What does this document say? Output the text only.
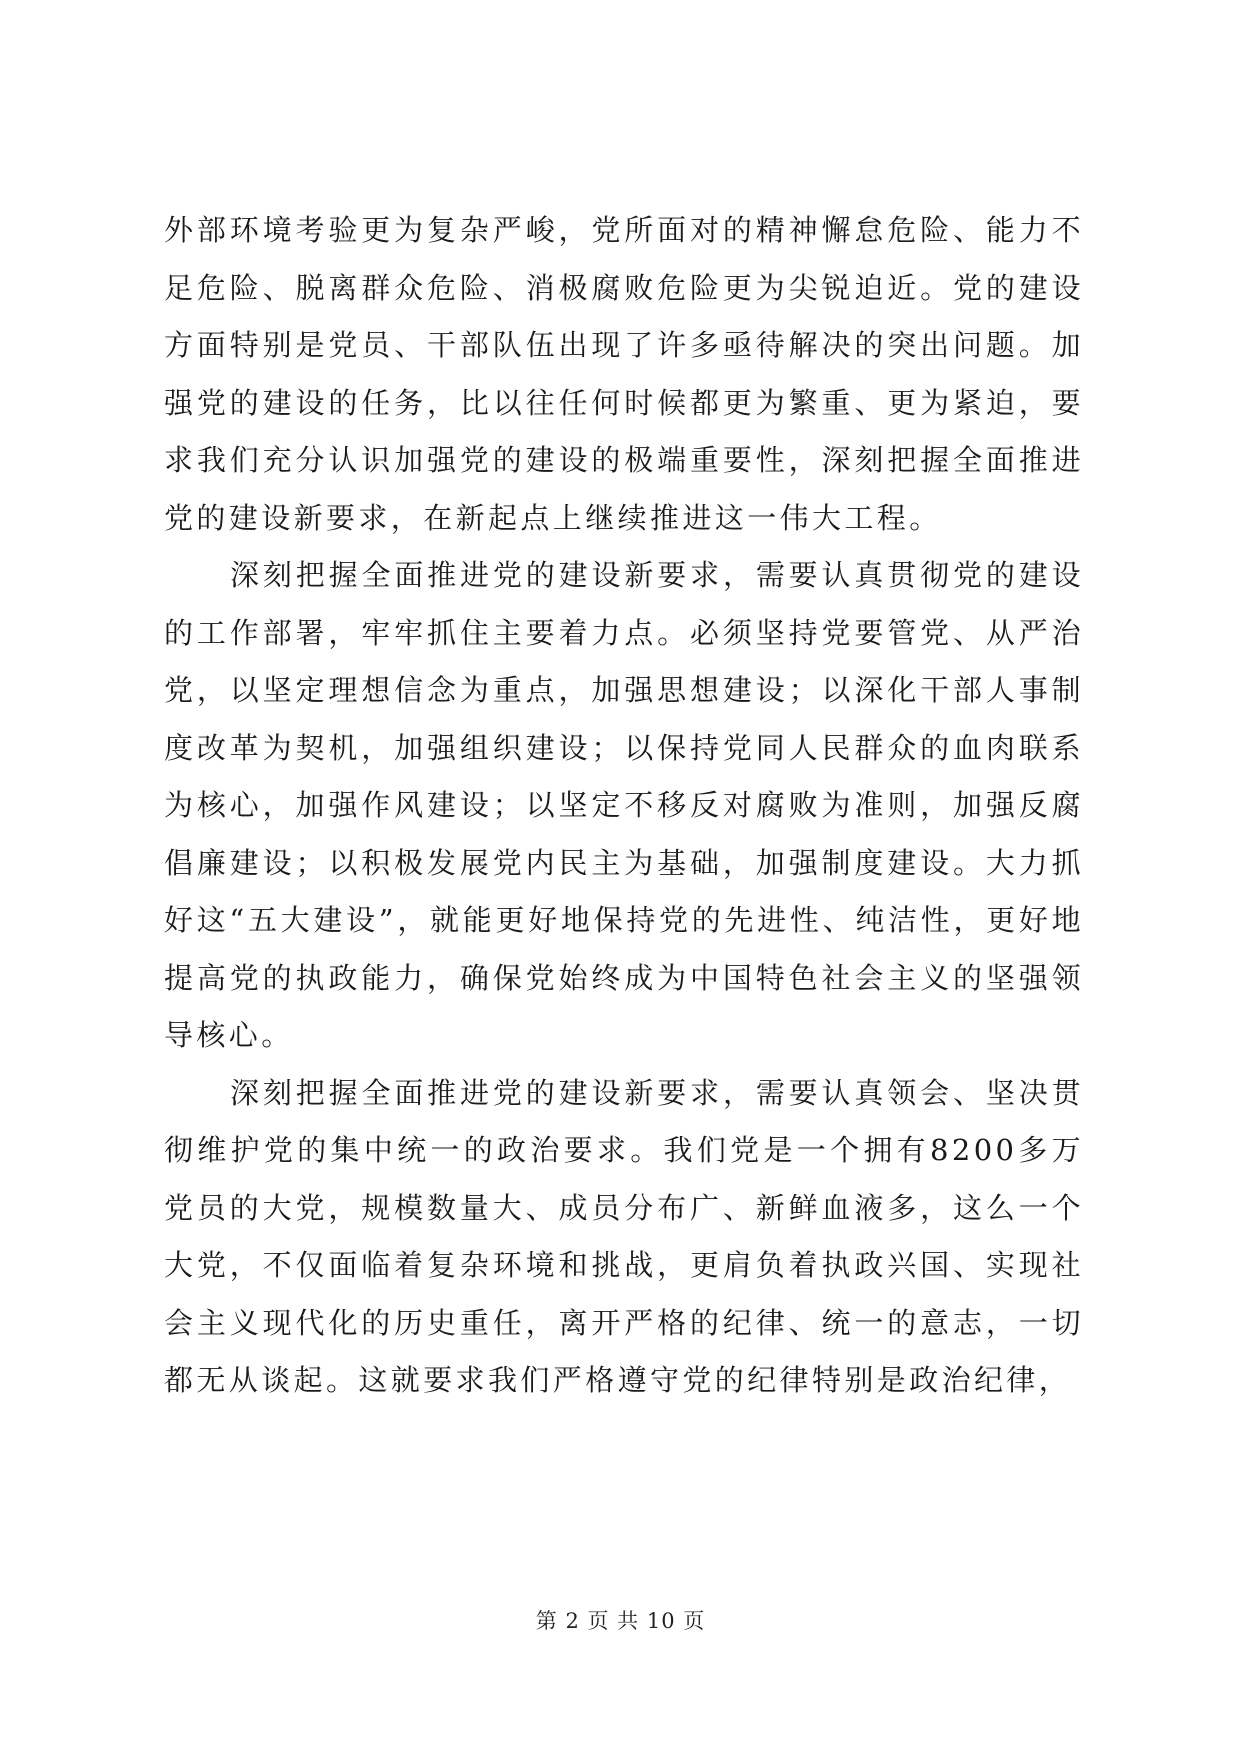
外部环境考验更为复杂严峻，党所面对的精神懈怠危险、能力不足危险、脱离群众危险、消极腐败危险更为尖锐迫近。党的建设方面特别是党员、干部队伍出现了许多亟待解决的突出问题。加强党的建设的任务，比以往任何时候都更为繁重、更为紧迫，要求我们充分认识加强党的建设的极端重要性，深刻把握全面推进党的建设新要求，在新起点上继续推进这一伟大工程。

深刻把握全面推进党的建设新要求，需要认真贯彻党的建设的工作部署，牢牢抓住主要着力点。必须坚持党要管党、从严治党，以坚定理想信念为重点，加强思想建设；以深化干部人事制度改革为契机，加强组织建设；以保持党同人民群众的血肉联系为核心，加强作风建设；以坚定不移反对腐败为准则，加强反腐倡廉建设；以积极发展党内民主为基础，加强制度建设。大力抓好这“五大建设”，就能更好地保持党的先进性、纯洁性，更好地提高党的执政能力，确保党始终成为中国特色社会主义的坚强领导核心。

深刻把握全面推进党的建设新要求，需要认真领会、坚决贯彻维护党的集中统一的政治要求。我们党是一个拥有8200多万党员的大党，规模数量大、成员分布广、新鲜血液多，这么一个大党，不仅面临着复杂环境和挑战，更肩负着执政兴国、实现社会主义现代化的历史重任，离开严格的纪律、统一的意志，一切都无从谈起。这就要求我们严格遵守党的纪律特别是政治纪律，

第 2 页 共 10 页
